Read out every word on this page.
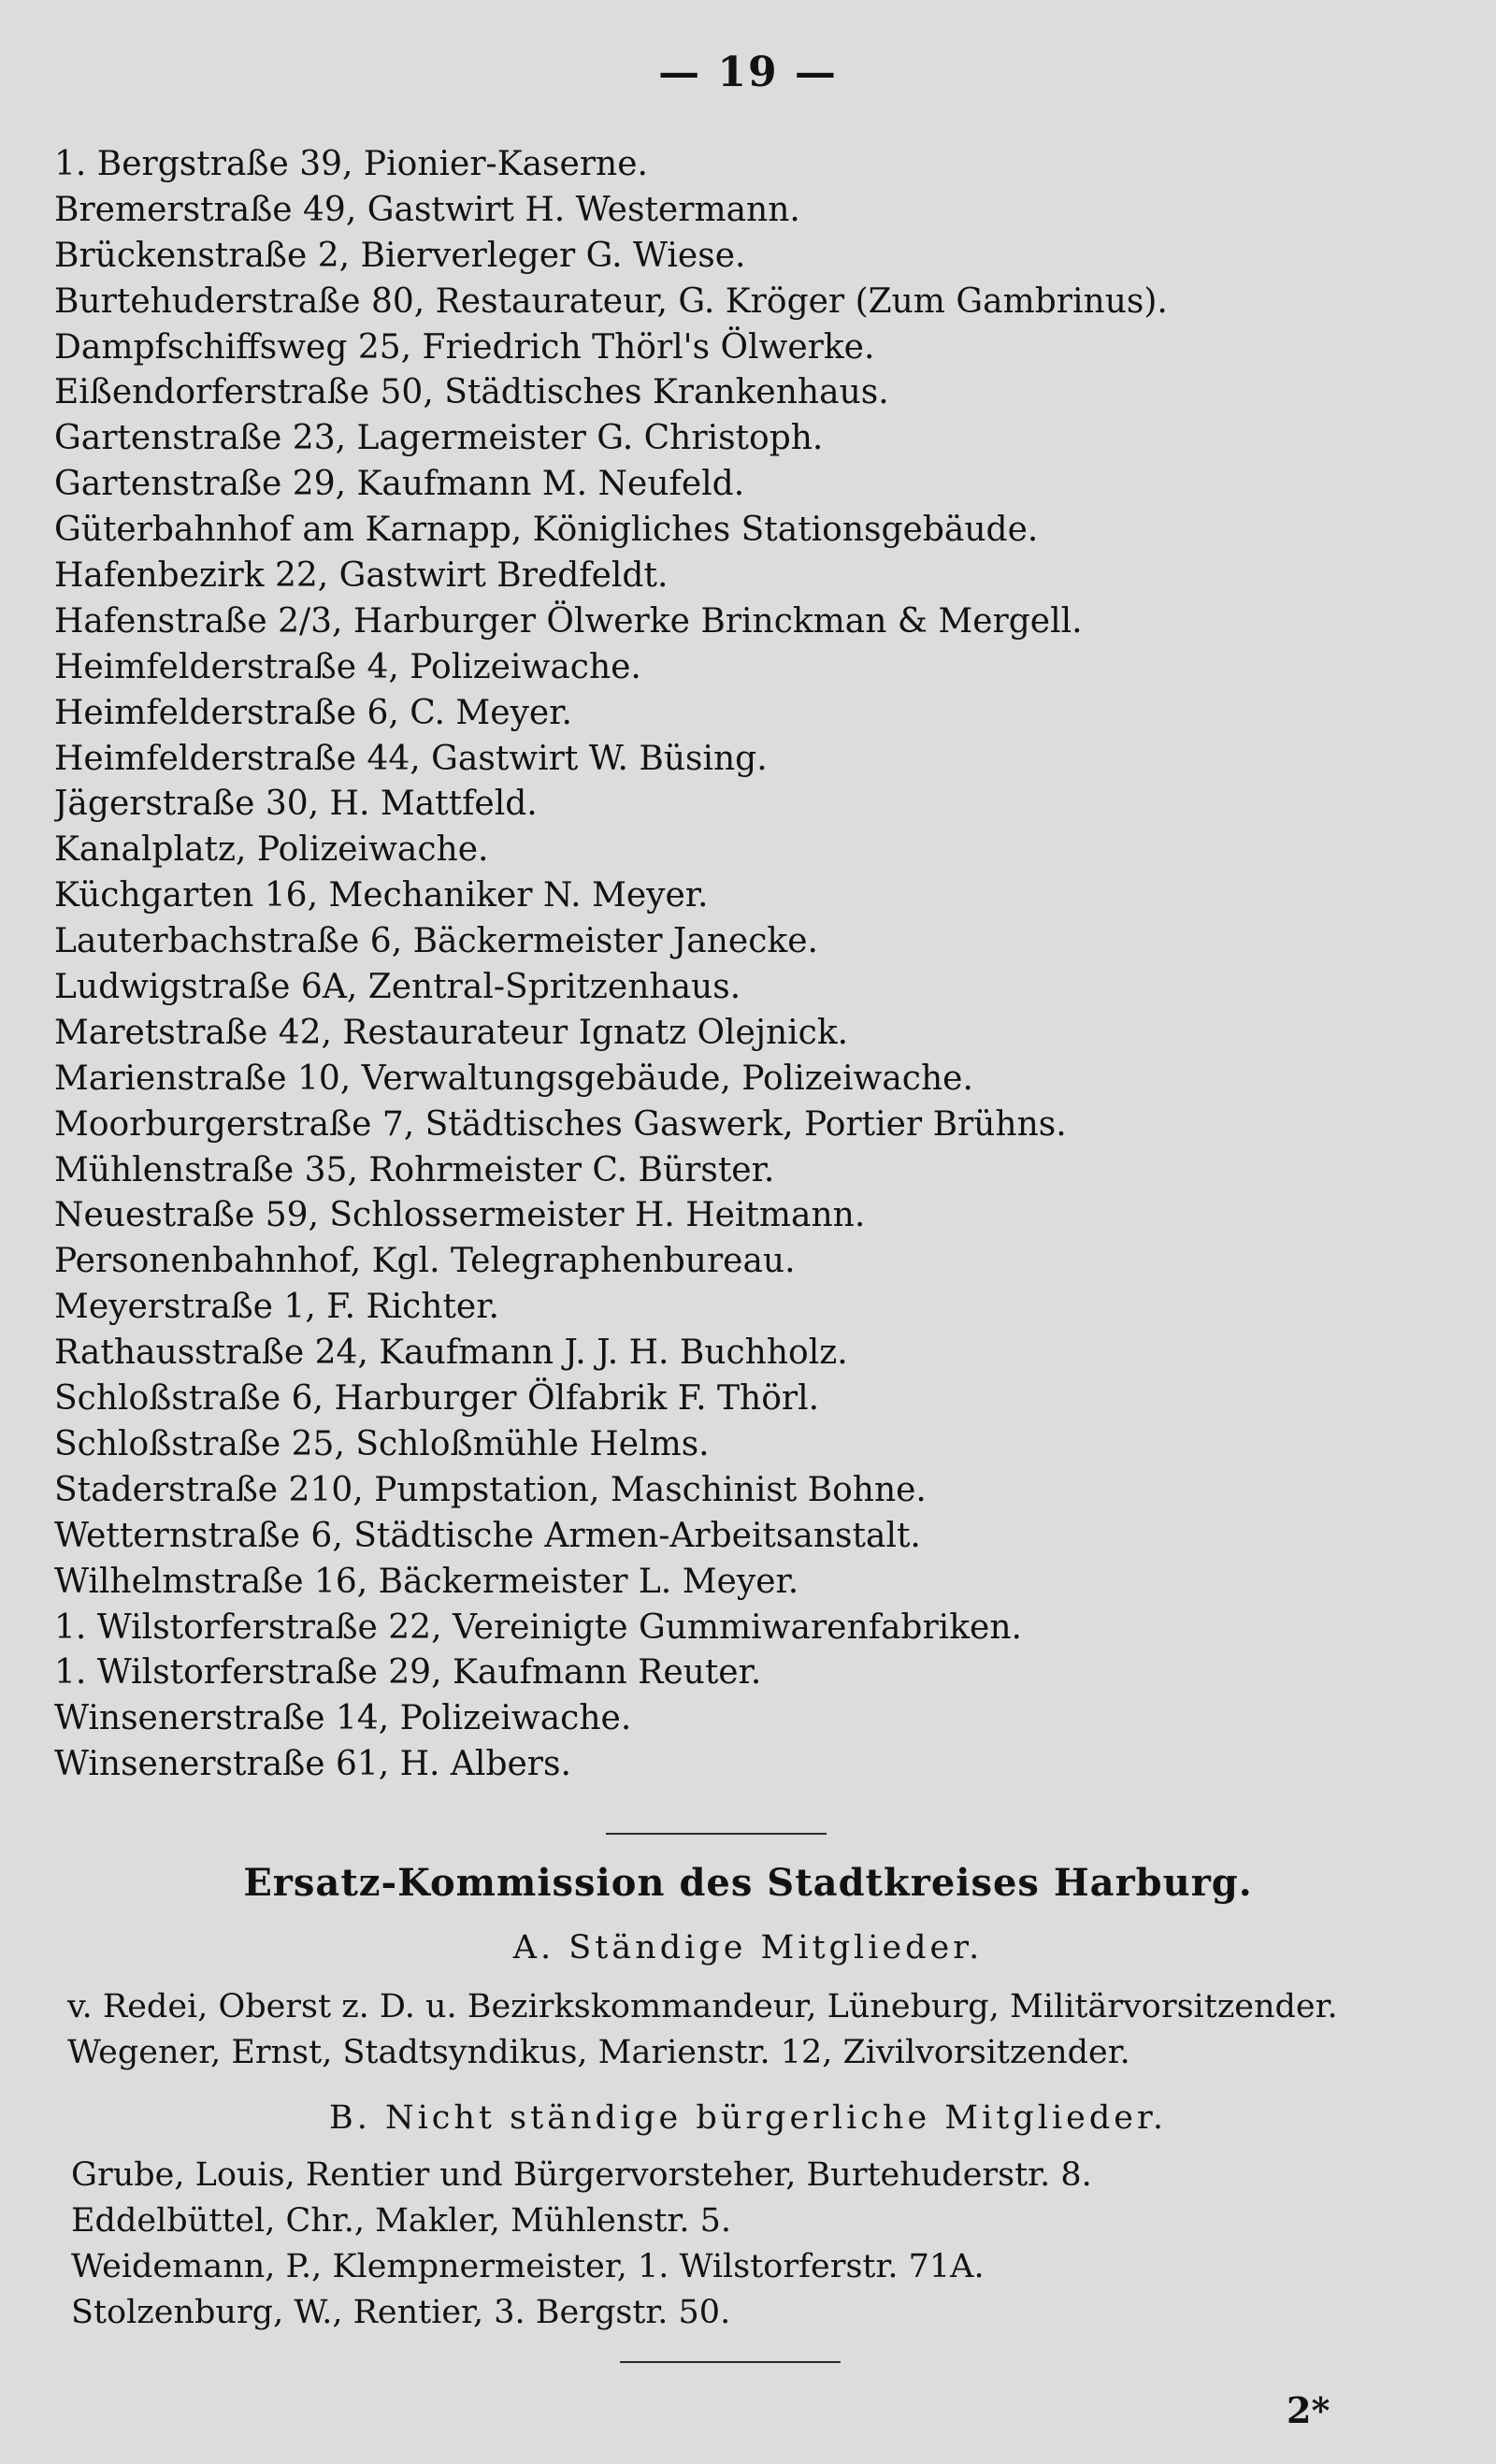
— 19 —
1. Bergstraße 39, Pionier-Kaserne.
Bremerstraße 49, Gastwirt H. Westermann.
Brückenstraße 2, Bierverleger G. Wiese.
Burtehuderstraße 80, Restaurateur, G. Kröger (Zum Gambrinus).
Dampfschiffsweg 25, Friedrich Thörl's Ölwerke.
Eißendorferstraße 50, Städtisches Krankenhaus.
Gartenstraße 23, Lagermeister G. Christoph.
Gartenstraße 29, Kaufmann M. Neufeld.
Güterbahnhof am Karnapp, Königliches Stationsgebäude.
Hafenbezirk 22, Gastwirt Bredfeldt.
Hafenstraße 2/3, Harburger Ölwerke Brinckman & Mergell.
Heimfelderstraße 4, Polizeiwache.
Heimfelderstraße 6, C. Meyer.
Heimfelderstraße 44, Gastwirt W. Büsing.
Jägerstraße 30, H. Mattfeld.
Kanalplatz, Polizeiwache.
Küchgarten 16, Mechaniker N. Meyer.
Lauterbachstraße 6, Bäckermeister Janecke.
Ludwigstraße 6A, Zentral-Spritzenhaus.
Maretstraße 42, Restaurateur Ignatz Olejnick.
Marienstraße 10, Verwaltungsgebäude, Polizeiwache.
Moorburgerstraße 7, Städtisches Gaswerk, Portier Brühns.
Mühlenstraße 35, Rohrmeister C. Bürster.
Neuestraße 59, Schlossermeister H. Heitmann.
Personenbahnhof, Kgl. Telegraphenbureau.
Meyerstraße 1, F. Richter.
Rathausstraße 24, Kaufmann J. J. H. Buchholz.
Schloßstraße 6, Harburger Ölfabrik F. Thörl.
Schloßstraße 25, Schloßmühle Helms.
Staderstraße 210, Pumpstation, Maschinist Bohne.
Wetternstraße 6, Städtische Armen-Arbeitsanstalt.
Wilhelmstraße 16, Bäckermeister L. Meyer.
1. Wilstorferstraße 22, Vereinigte Gummiwarenfabriken.
1. Wilstorferstraße 29, Kaufmann Reuter.
Winsenerstraße 14, Polizeiwache.
Winsenerstraße 61, H. Albers.
Ersatz-Kommission des Stadtkreises Harburg.
A. Ständige Mitglieder.
v. Redei, Oberst z. D. u. Bezirkskommandeur, Lüneburg, Militärvorsitzender.
Wegener, Ernst, Stadtsyndikus, Marienstr. 12, Zivilvorsitzender.
B. Nicht ständige bürgerliche Mitglieder.
Grube, Louis, Rentier und Bürgervorsteher, Burtehuderstr. 8.
Eddelbüttel, Chr., Makler, Mühlenstr. 5.
Weidemann, P., Klempnermeister, 1. Wilstorferstr. 71A.
Stolzenburg, W., Rentier, 3. Bergstr. 50.
2*
